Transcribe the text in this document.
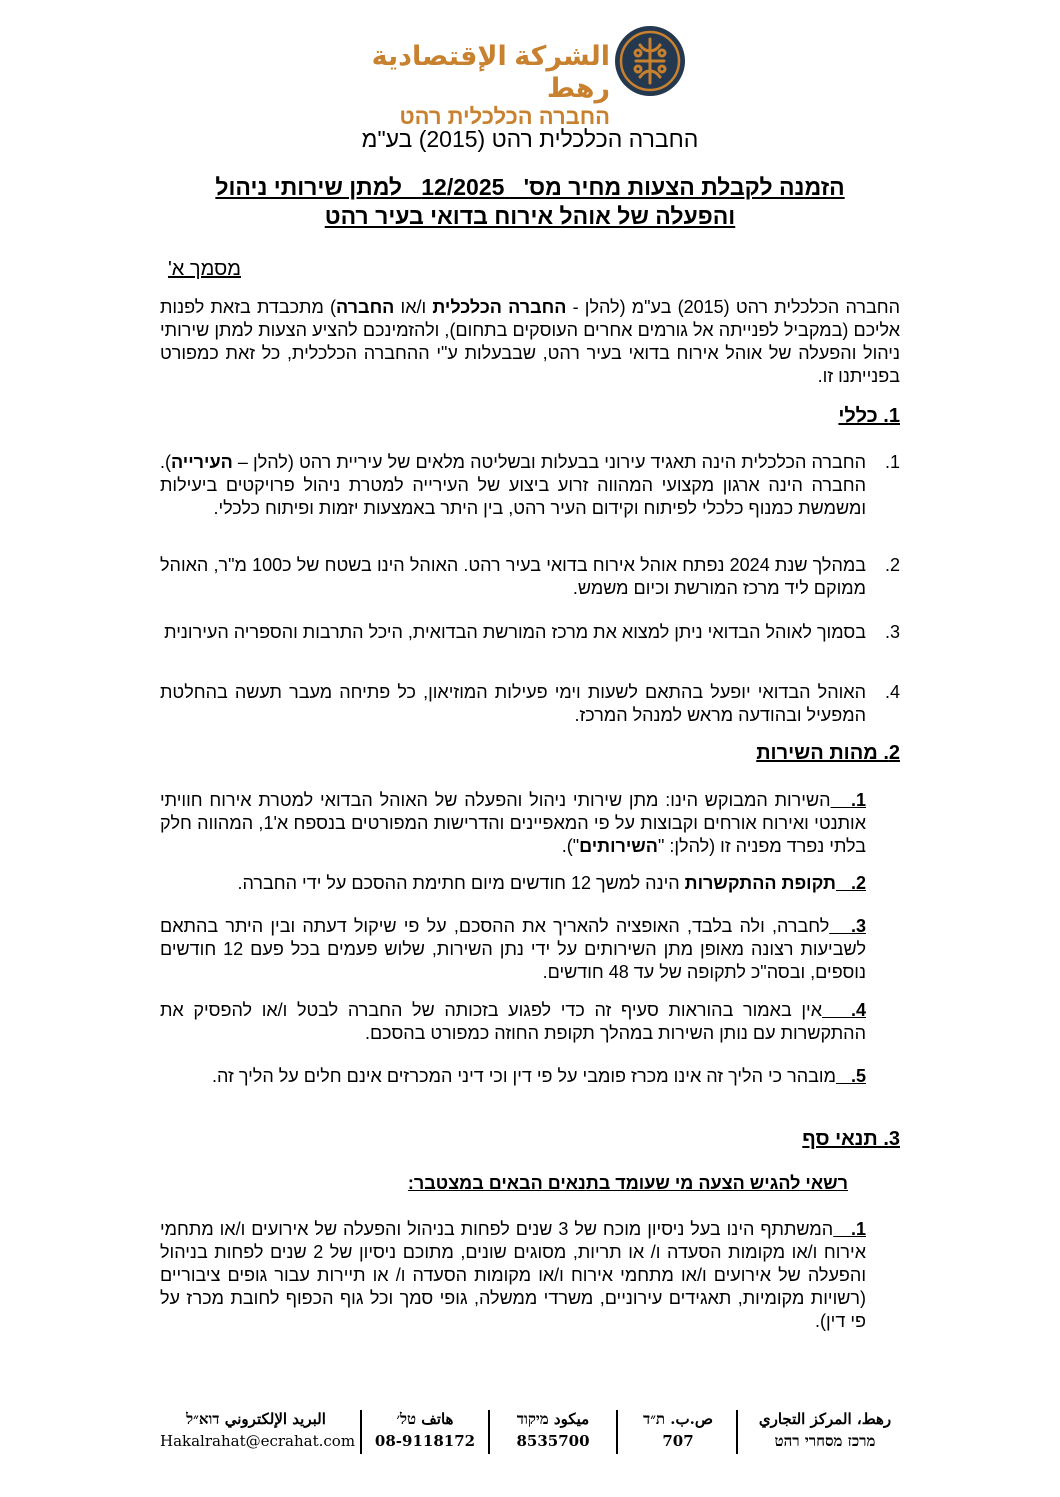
الشركة الإقتصادية رهط
החברה הכלכלית רהט
החברה הכלכלית רהט (2015) בע"מ
הזמנה לקבלת הצעות מחיר מס' _12/2025_ למתן שירותי ניהול
והפעלה של אוהל אירוח בדואי בעיר רהט
מסמך א'
החברה הכלכלית רהט (2015) בע"מ (להלן - החברה הכלכלית ו/או החברה) מתכבדת בזאת לפנות אליכם (במקביל לפנייתה אל גורמים אחרים העוסקים בתחום), ולהזמינכם להציע הצעות למתן שירותי ניהול והפעלה של אוהל אירוח בדואי בעיר רהט, שבבעלות ע"י ההחברה הכלכלית, כל זאת כמפורט בפנייתנו זו.
1. כללי
1.
החברה הכלכלית הינה תאגיד עירוני בבעלות ובשליטה מלאים של עיריית רהט (להלן – העירייה). החברה הינה ארגון מקצועי המהווה זרוע ביצוע של העירייה למטרת ניהול פרויקטים ביעילות ומשמשת כמנוף כלכלי לפיתוח וקידום העיר רהט, בין היתר באמצעות יזמות ופיתוח כלכלי.
2.
במהלך שנת 2024 נפתח אוהל אירוח בדואי בעיר רהט. האוהל הינו בשטח של כ100 מ"ר, האוהל ממוקם ליד מרכז המורשת וכיום משמש.
3.
בסמוך לאוהל הבדואי ניתן למצוא את מרכז המורשת הבדואית, היכל התרבות והספריה העירונית
4.
האוהל הבדואי יופעל בהתאם לשעות וימי פעילות המוזיאון, כל פתיחה מעבר תעשה בהחלטת המפעיל ובהודעה מראש למנהל המרכז.
2. מהות השירות
1.   השירות המבוקש הינו: מתן שירותי ניהול והפעלה של האוהל הבדואי למטרת אירוח חוויתי אותנטי ואירוח אורחים וקבוצות על פי המאפיינים והדרישות המפורטים בנספח א'1, המהווה חלק בלתי נפרד מפניה זו (להלן: "השירותים").
2.   תקופת ההתקשרות הינה למשך 12 חודשים מיום חתימת ההסכם על ידי החברה.
3.   לחברה, ולה בלבד, האופציה להאריך את ההסכם, על פי שיקול דעתה ובין היתר בהתאם לשביעות רצונה מאופן מתן השירותים על ידי נתן השירות, שלוש פעמים בכל פעם 12 חודשים נוספים, ובסה"כ לתקופה של עד 48 חודשים.
4.   אין באמור בהוראות סעיף זה כדי לפגוע בזכותה של החברה לבטל ו/או להפסיק את ההתקשרות עם נותן השירות במהלך תקופת החוזה כמפורט בהסכם.
5.   מובהר כי הליך זה אינו מכרז פומבי על פי דין וכי דיני המכרזים אינם חלים על הליך זה.
3. תנאי סף
רשאי להגיש הצעה מי שעומד בתנאים הבאים במצטבר:
1.   המשתתף הינו בעל ניסיון מוכח של 3 שנים לפחות בניהול והפעלה של אירועים ו/או מתחמי אירוח ו/או מקומות הסעדה ו/ או תריות, מסוגים שונים, מתוכם ניסיון של 2 שנים לפחות בניהול והפעלה של אירועים ו/או מתחמי אירוח ו/או מקומות הסעדה ו/ או תיירות עבור גופים ציבוריים (רשויות מקומיות, תאגידים עירוניים, משרדי ממשלה, גופי סמך וכל גוף הכפוף לחובת מכרז על פי דין).
رهط، المركز التجاري
מרכז מסחרי רהט
ص.ب. ת״ד
707
ميكود מיקוד
8535700
هاتف טל׳
08-9118172
البريد الإلكتروني דוא״ל
Hakalrahat@ecrahat.com
